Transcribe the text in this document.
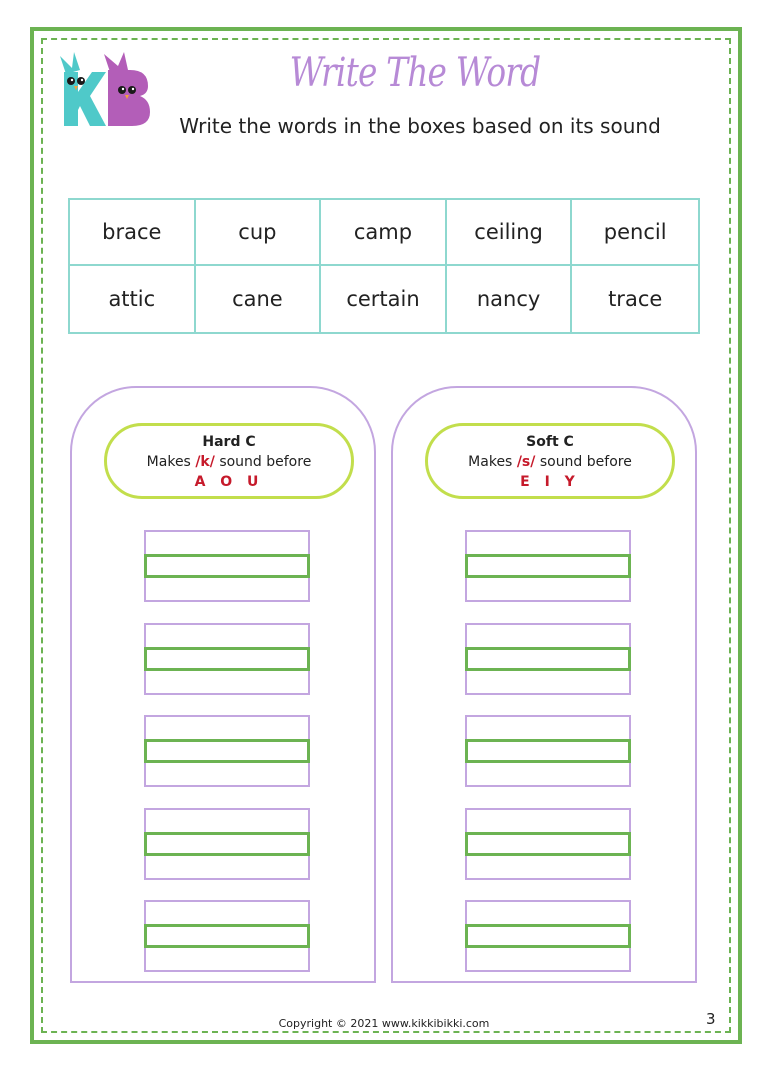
Write The Word
Write the words in the boxes based on its sound
brace	cup	camp	ceiling	pencil
attic	cane	certain	nancy	trace
Hard C
Makes /k/ sound before
A O U
Soft C
Makes /s/ sound before
E I Y
Copyright © 2021 www.kikkibikki.com	3
